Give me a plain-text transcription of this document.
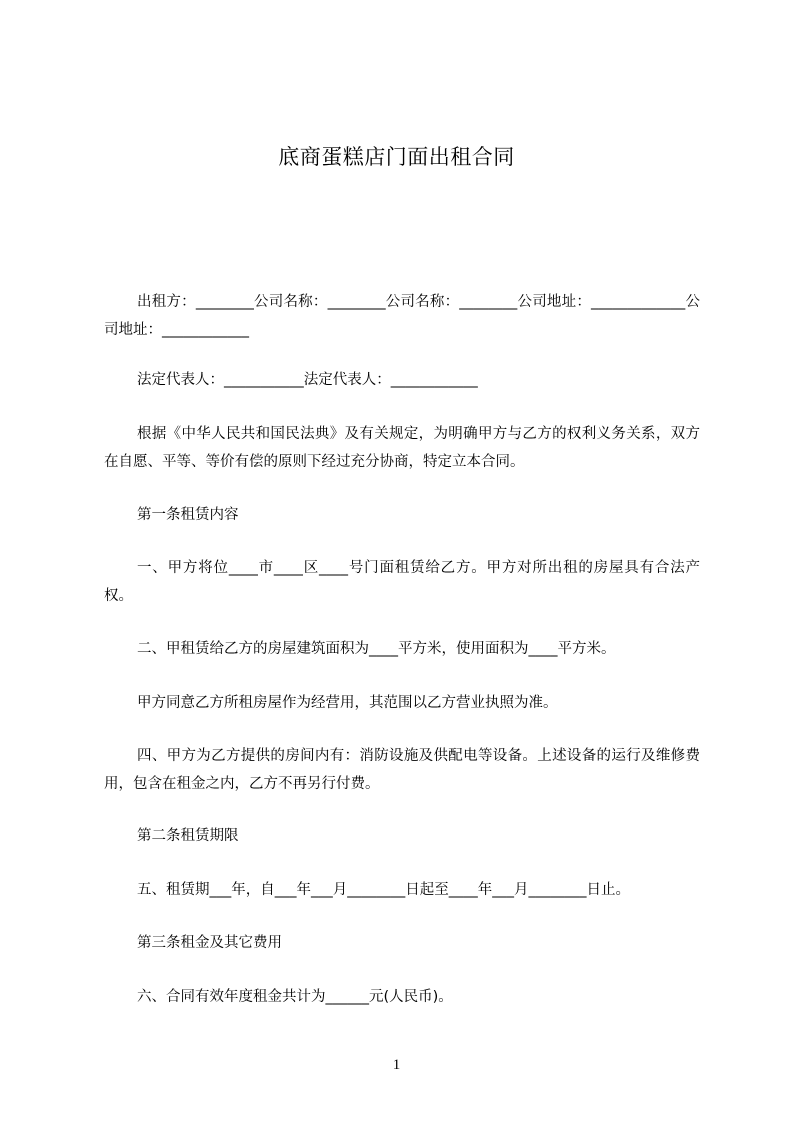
底商蛋糕店门面出租合同
出租方：________公司名称：________公司名称：________公司地址：_____________公司地址：____________
法定代表人：___________法定代表人：____________
根据《中华人民共和国民法典》及有关规定，为明确甲方与乙方的权利义务关系，双方在自愿、平等、等价有偿的原则下经过充分协商，特定立本合同。
第一条租赁内容
一、甲方将位____市____区____号门面租赁给乙方。甲方对所出租的房屋具有合法产权。
二、甲租赁给乙方的房屋建筑面积为____平方米，使用面积为____平方米。
甲方同意乙方所租房屋作为经营用，其范围以乙方营业执照为准。
四、甲方为乙方提供的房间内有：消防设施及供配电等设备。上述设备的运行及维修费用，包含在租金之内，乙方不再另行付费。
第二条租赁期限
五、租赁期___年，自___年___月________日起至____年___月________日止。
第三条租金及其它费用
六、合同有效年度租金共计为______元(人民币)。
1
